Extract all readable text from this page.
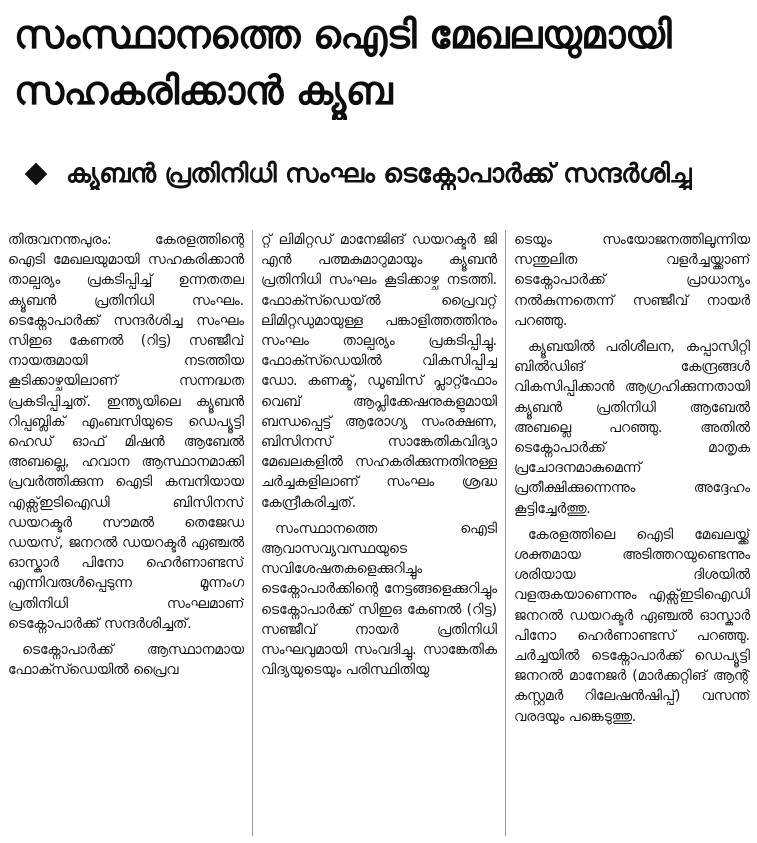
സംസ്ഥാനത്തെ ഐടി മേഖലയുമായി
സഹകരിക്കാൻ ക്യൂബ
ക്യൂബൻ പ്രതിനിധി സംഘം ടെക്നോപാർക്ക് സന്ദർശിച്ചു

തിരുവനന്തപുരം: കേരളത്തിന്റെ ഐടി മേഖലയുമായി സഹകരിക്കാൻ താല്പര്യം പ്രകടിപ്പിച്ച് ഉന്നതതല ക്യൂബൻ പ്രതിനിധി സംഘം. ടെക്നോപാർക്ക് സന്ദർശിച്ച സംഘം സിഇഒ കേണൽ (റിട്ട) സഞ്ജീവ് നായരുമായി നടത്തിയ കൂടിക്കാഴ്ചയിലാണ് സന്നദ്ധത പ്രകടിപ്പിച്ചത്. ഇന്ത്യയിലെ ക്യൂബൻ റിപ്പബ്ലിക് എംബസിയുടെ ഡെപ്യൂട്ടി ഹെഡ് ഓഫ് മിഷൻ ആബേൽ അബല്ലെ, ഹവാന ആസ്ഥാനമാക്കി പ്രവർത്തിക്കുന്ന ഐടി കമ്പനിയായ എക്സ്ഇടിഐഡി ബിസിനസ് ഡയറക്ടർ സൗമൽ തെജേഡ ഡയസ്, ജനറൽ ഡയറക്ടർ ഏഞ്ചൽ ഓസ്കാർ പിനോ ഹെർണാണ്ടസ് എന്നിവരുൾപ്പെടുന്ന മൂന്നംഗ പ്രതിനിധി സംഘമാണ് ടെക്നോപാർക്ക് സന്ദർശിച്ചത്.

ടെക്നോപാർക്ക് ആസ്ഥാനമായ ഫോക്സ്ഡെയിൽ പ്രൈവ

റ്റ് ലിമിറ്റഡ് മാനേജിങ് ഡയറക്ടർ ജി എൻ പത്മകുമാറുമായും ക്യൂബൻ പ്രതിനിധി സംഘം കൂടിക്കാഴ്ച നടത്തി. ഫോക്സ്ഡെയ്ൽ പ്രൈവറ്റ് ലിമിറ്റഡുമായുള്ള പങ്കാളിത്തത്തിനും സംഘം താല്പര്യം പ്രകടിപ്പിച്ചു. ഫോക്സ്ഡെയിൽ വികസിപ്പിച്ച ഡോ. കണക്ട്, ഡൂബിസ് പ്ലാറ്റ്ഫോം വെബ് ആപ്ലിക്കേഷനുകളുമായി ബന്ധപ്പെട്ട് ആരോഗ്യ സംരക്ഷണ, ബിസിനസ് സാങ്കേതികവിദ്യാ മേഖലകളിൽ സഹകരിക്കുന്നതിനുള്ള ചർച്ചകളിലാണ് സംഘം ശ്രദ്ധ കേന്ദ്രീകരിച്ചത്.

സംസ്ഥാനത്തെ ഐടി ആവാസവ്യവസ്ഥയുടെ സവിശേഷതകളെക്കുറിച്ചും ടെക്നോപാർക്കിന്റെ നേട്ടങ്ങളെക്കുറിച്ചും ടെക്നോപാർക്ക് സിഇഒ കേണൽ (റിട്ട) സഞ്ജീവ് നായർ പ്രതിനിധി സംഘവുമായി സംവദിച്ചു. സാങ്കേതിക വിദ്യയുടെയും പരിസ്ഥിതിയു

ടെയും സംയോജനത്തിലൂന്നിയ സന്തുലിത വളർച്ചയ്ക്കാണ് ടെക്നോപാർക്ക് പ്രാധാന്യം നൽകുന്നതെന്ന് സഞ്ജീവ് നായർ പറഞ്ഞു.

ക്യൂബയിൽ പരിശീലന, കപ്പാസിറ്റി ബിൽഡിങ് കേന്ദ്രങ്ങൾ വികസിപ്പിക്കാൻ ആഗ്രഹിക്കുന്നതായി ക്യൂബൻ പ്രതിനിധി ആബേൽ അബല്ലെ പറഞ്ഞു. അതിൽ ടെക്നോപാർക്ക് മാതൃക പ്രചോദനമാകുമെന്ന് പ്രതീക്ഷിക്കുന്നെന്നും അദ്ദേഹം കൂട്ടിച്ചേർത്തു.

കേരളത്തിലെ ഐടി മേഖലയ്ക്ക് ശക്തമായ അടിത്തറയുണ്ടെന്നും ശരിയായ ദിശയിൽ വളരുകയാണെന്നും എക്സ്ഇടിഐഡി ജനറൽ ഡയറക്ടർ ഏഞ്ചൽ ഓസ്കാർ പിനോ ഹെർണാണ്ടസ് പറഞ്ഞു. ചർച്ചയിൽ ടെക്നോപാർക്ക് ഡെപ്യൂട്ടി ജനറൽ മാനേജർ (മാർക്കറ്റിങ് ആന്റ് കസ്റ്റമർ റിലേഷൻഷിപ്പ്) വസന്ത് വരദയും പങ്കെടുത്തു.
